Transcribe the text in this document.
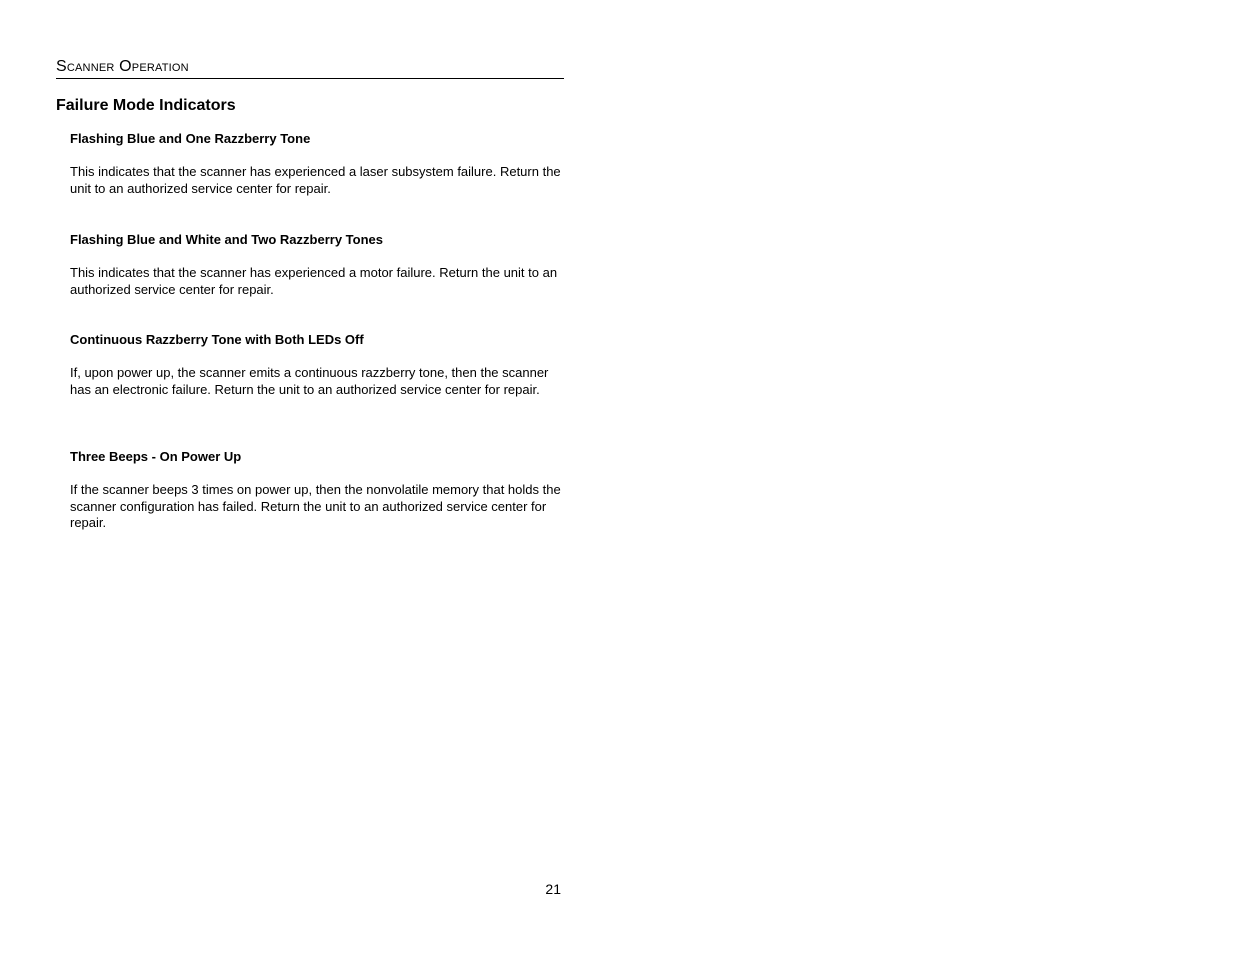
Scanner Operation
Failure Mode Indicators

Flashing Blue and One Razzberry Tone

This indicates that the scanner has experienced a laser subsystem failure. Return the unit to an authorized service center for repair.

Flashing Blue and White and Two Razzberry Tones

This indicates that the scanner has experienced a motor failure. Return the unit to an authorized service center for repair.

Continuous Razzberry Tone with Both LEDs Off

If, upon power up, the scanner emits a continuous razzberry tone, then the scanner has an electronic failure. Return the unit to an authorized service center for repair.

Three Beeps - On Power Up

If the scanner beeps 3 times on power up, then the nonvolatile memory that holds the scanner configuration has failed. Return the unit to an authorized service center for repair.

21
